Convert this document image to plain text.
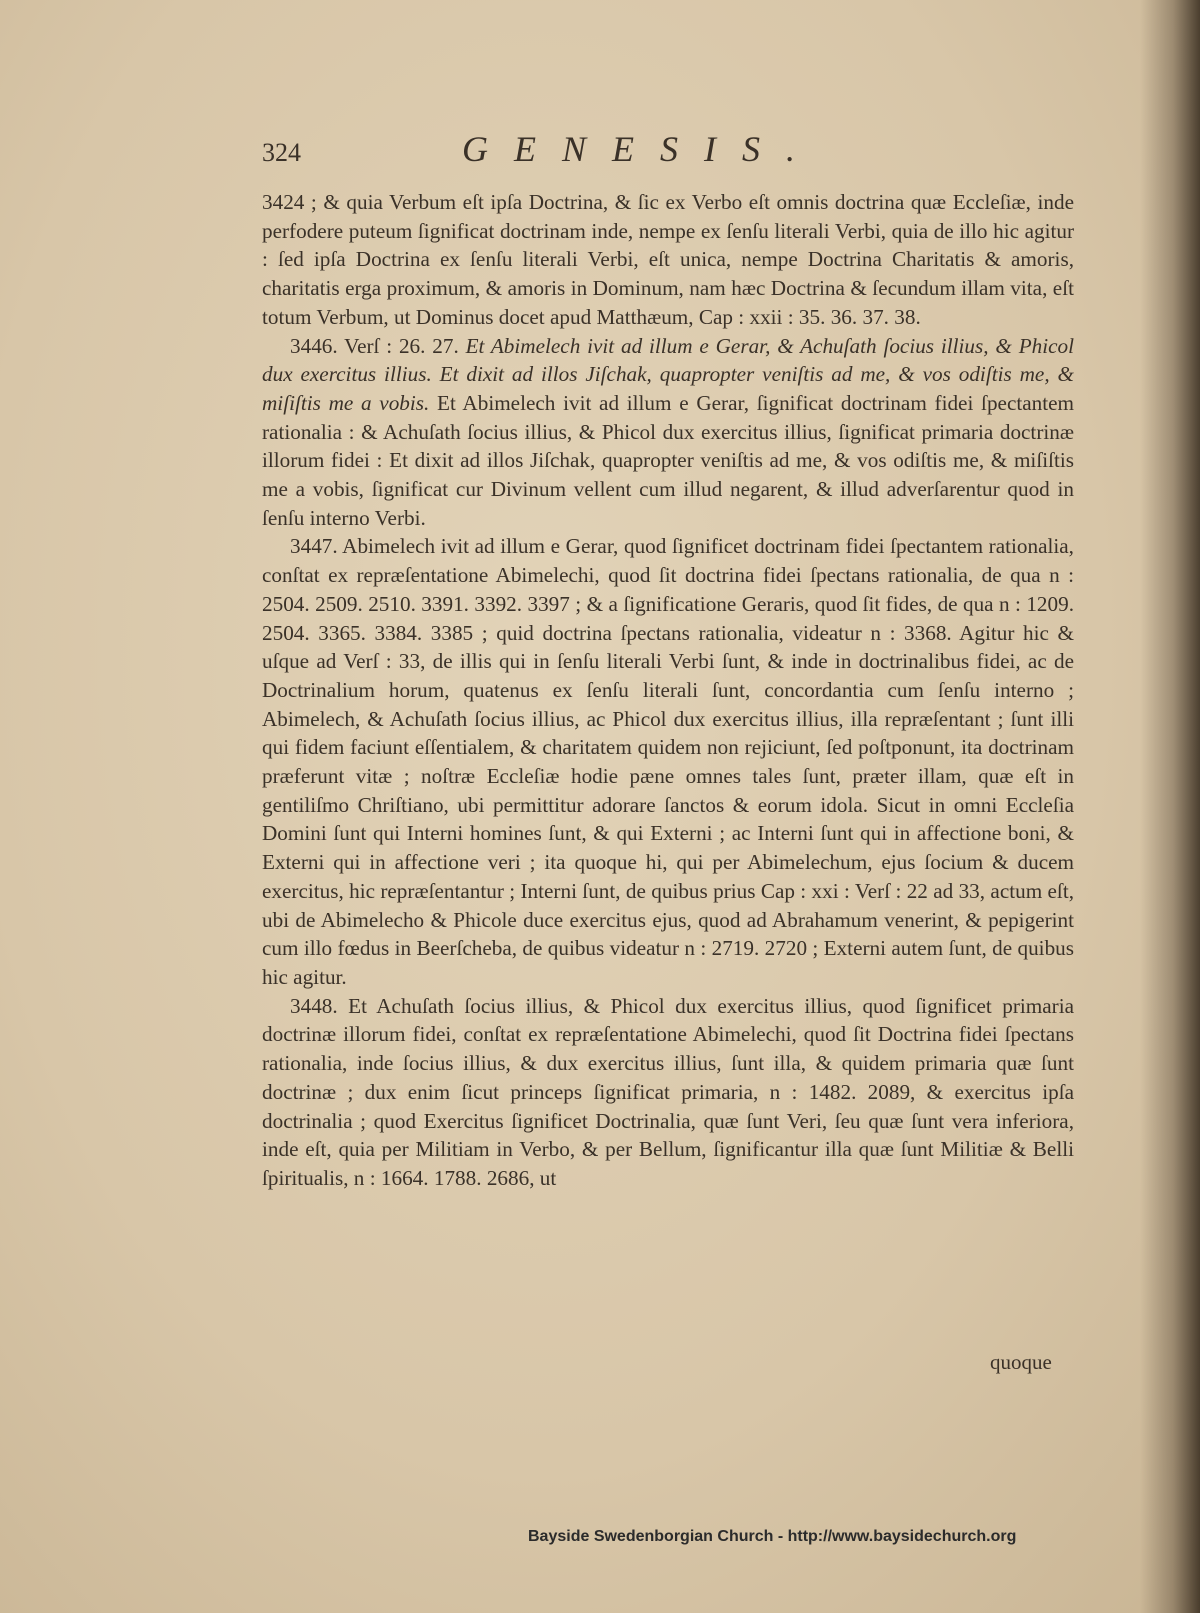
324	GENESIS.

3424 ; & quia Verbum eſt ipſa Doctrina, & ſic ex Verbo eſt omnis doctrina quæ Eccleſiæ, inde perfodere puteum ſignificat doctrinam inde, nempe ex ſenſu literali Verbi, quia de illo hic agitur : ſed ipſa Doctrina ex ſenſu literali Verbi, eſt unica, nempe Doctrina Charitatis & amoris, charitatis erga proximum, & amoris in Dominum, nam hæc Doctrina & ſecundum illam vita, eſt totum Verbum, ut Dominus docet apud Matthæum, Cap : xxii : 35. 36. 37. 38.

3446. Verſ : 26. 27. Et Abimelech ivit ad illum e Gerar, & Achuſath ſocius illius, & Phicol dux exercitus illius. Et dixit ad illos Jiſchak, quapropter veniſtis ad me, & vos odiſtis me, & miſiſtis me a vobis. Et Abimelech ivit ad illum e Gerar, ſignificat doctrinam fidei ſpectantem rationalia : & Achuſath ſocius illius, & Phicol dux exercitus illius, ſignificat primaria doctrinæ illorum fidei : Et dixit ad illos Jiſchak, quapropter veniſtis ad me, & vos odiſtis me, & miſiſtis me a vobis, ſignificat cur Divinum vellent cum illud negarent, & illud adverſarentur quod in ſenſu interno Verbi.

3447. Abimelech ivit ad illum e Gerar, quod ſignificet doctrinam fidei ſpectantem rationalia, conſtat ex repræſentatione Abimelechi, quod ſit doctrina fidei ſpectans rationalia, de qua n : 2504. 2509. 2510. 3391. 3392. 3397 ; & a ſignificatione Geraris, quod ſit fides, de qua n : 1209. 2504. 3365. 3384. 3385 ; quid doctrina ſpectans rationalia, videatur n : 3368. Agitur hic & uſque ad Verſ : 33, de illis qui in ſenſu literali Verbi ſunt, & inde in doctrinalibus fidei, ac de Doctrinalium horum, quatenus ex ſenſu literali ſunt, concordantia cum ſenſu interno ; Abimelech, & Achuſath ſocius illius, ac Phicol dux exercitus illius, illa repræſentant ; ſunt illi qui fidem faciunt eſſentialem, & charitatem quidem non rejiciunt, ſed poſtponunt, ita doctrinam præferunt vitæ ; noſtræ Eccleſiæ hodie pæne omnes tales ſunt, præter illam, quæ eſt in gentiliſmo Chriſtiano, ubi permittitur adorare ſanctos & eorum idola. Sicut in omni Eccleſia Domini ſunt qui Interni homines ſunt, & qui Externi ; ac Interni ſunt qui in affectione boni, & Externi qui in affectione veri ; ita quoque hi, qui per Abimelechum, ejus ſocium & ducem exercitus, hic repræſentantur ; Interni ſunt, de quibus prius Cap : xxi : Verſ : 22 ad 33, actum eſt, ubi de Abimelecho & Phicole duce exercitus ejus, quod ad Abrahamum venerint, & pepigerint cum illo fœdus in Beerſcheba, de quibus videatur n : 2719. 2720 ; Externi autem ſunt, de quibus hic agitur.

3448. Et Achuſath ſocius illius, & Phicol dux exercitus illius, quod ſignificet primaria doctrinæ illorum fidei, conſtat ex repræſentatione Abimelechi, quod ſit Doctrina fidei ſpectans rationalia, inde ſocius illius, & dux exercitus illius, ſunt illa, & quidem primaria quæ ſunt doctrinæ ; dux enim ſicut princeps ſignificat primaria, n : 1482. 2089, & exercitus ipſa doctrinalia ; quod Exercitus ſignificet Doctrinalia, quæ ſunt Veri, ſeu quæ ſunt vera inferiora, inde eſt, quia per Militiam in Verbo, & per Bellum, ſignificantur illa quæ ſunt Militiæ & Belli ſpiritualis, n : 1664. 1788. 2686, ut

quoque
Bayside Swedenborgian Church - http://www.baysidechurch.org
